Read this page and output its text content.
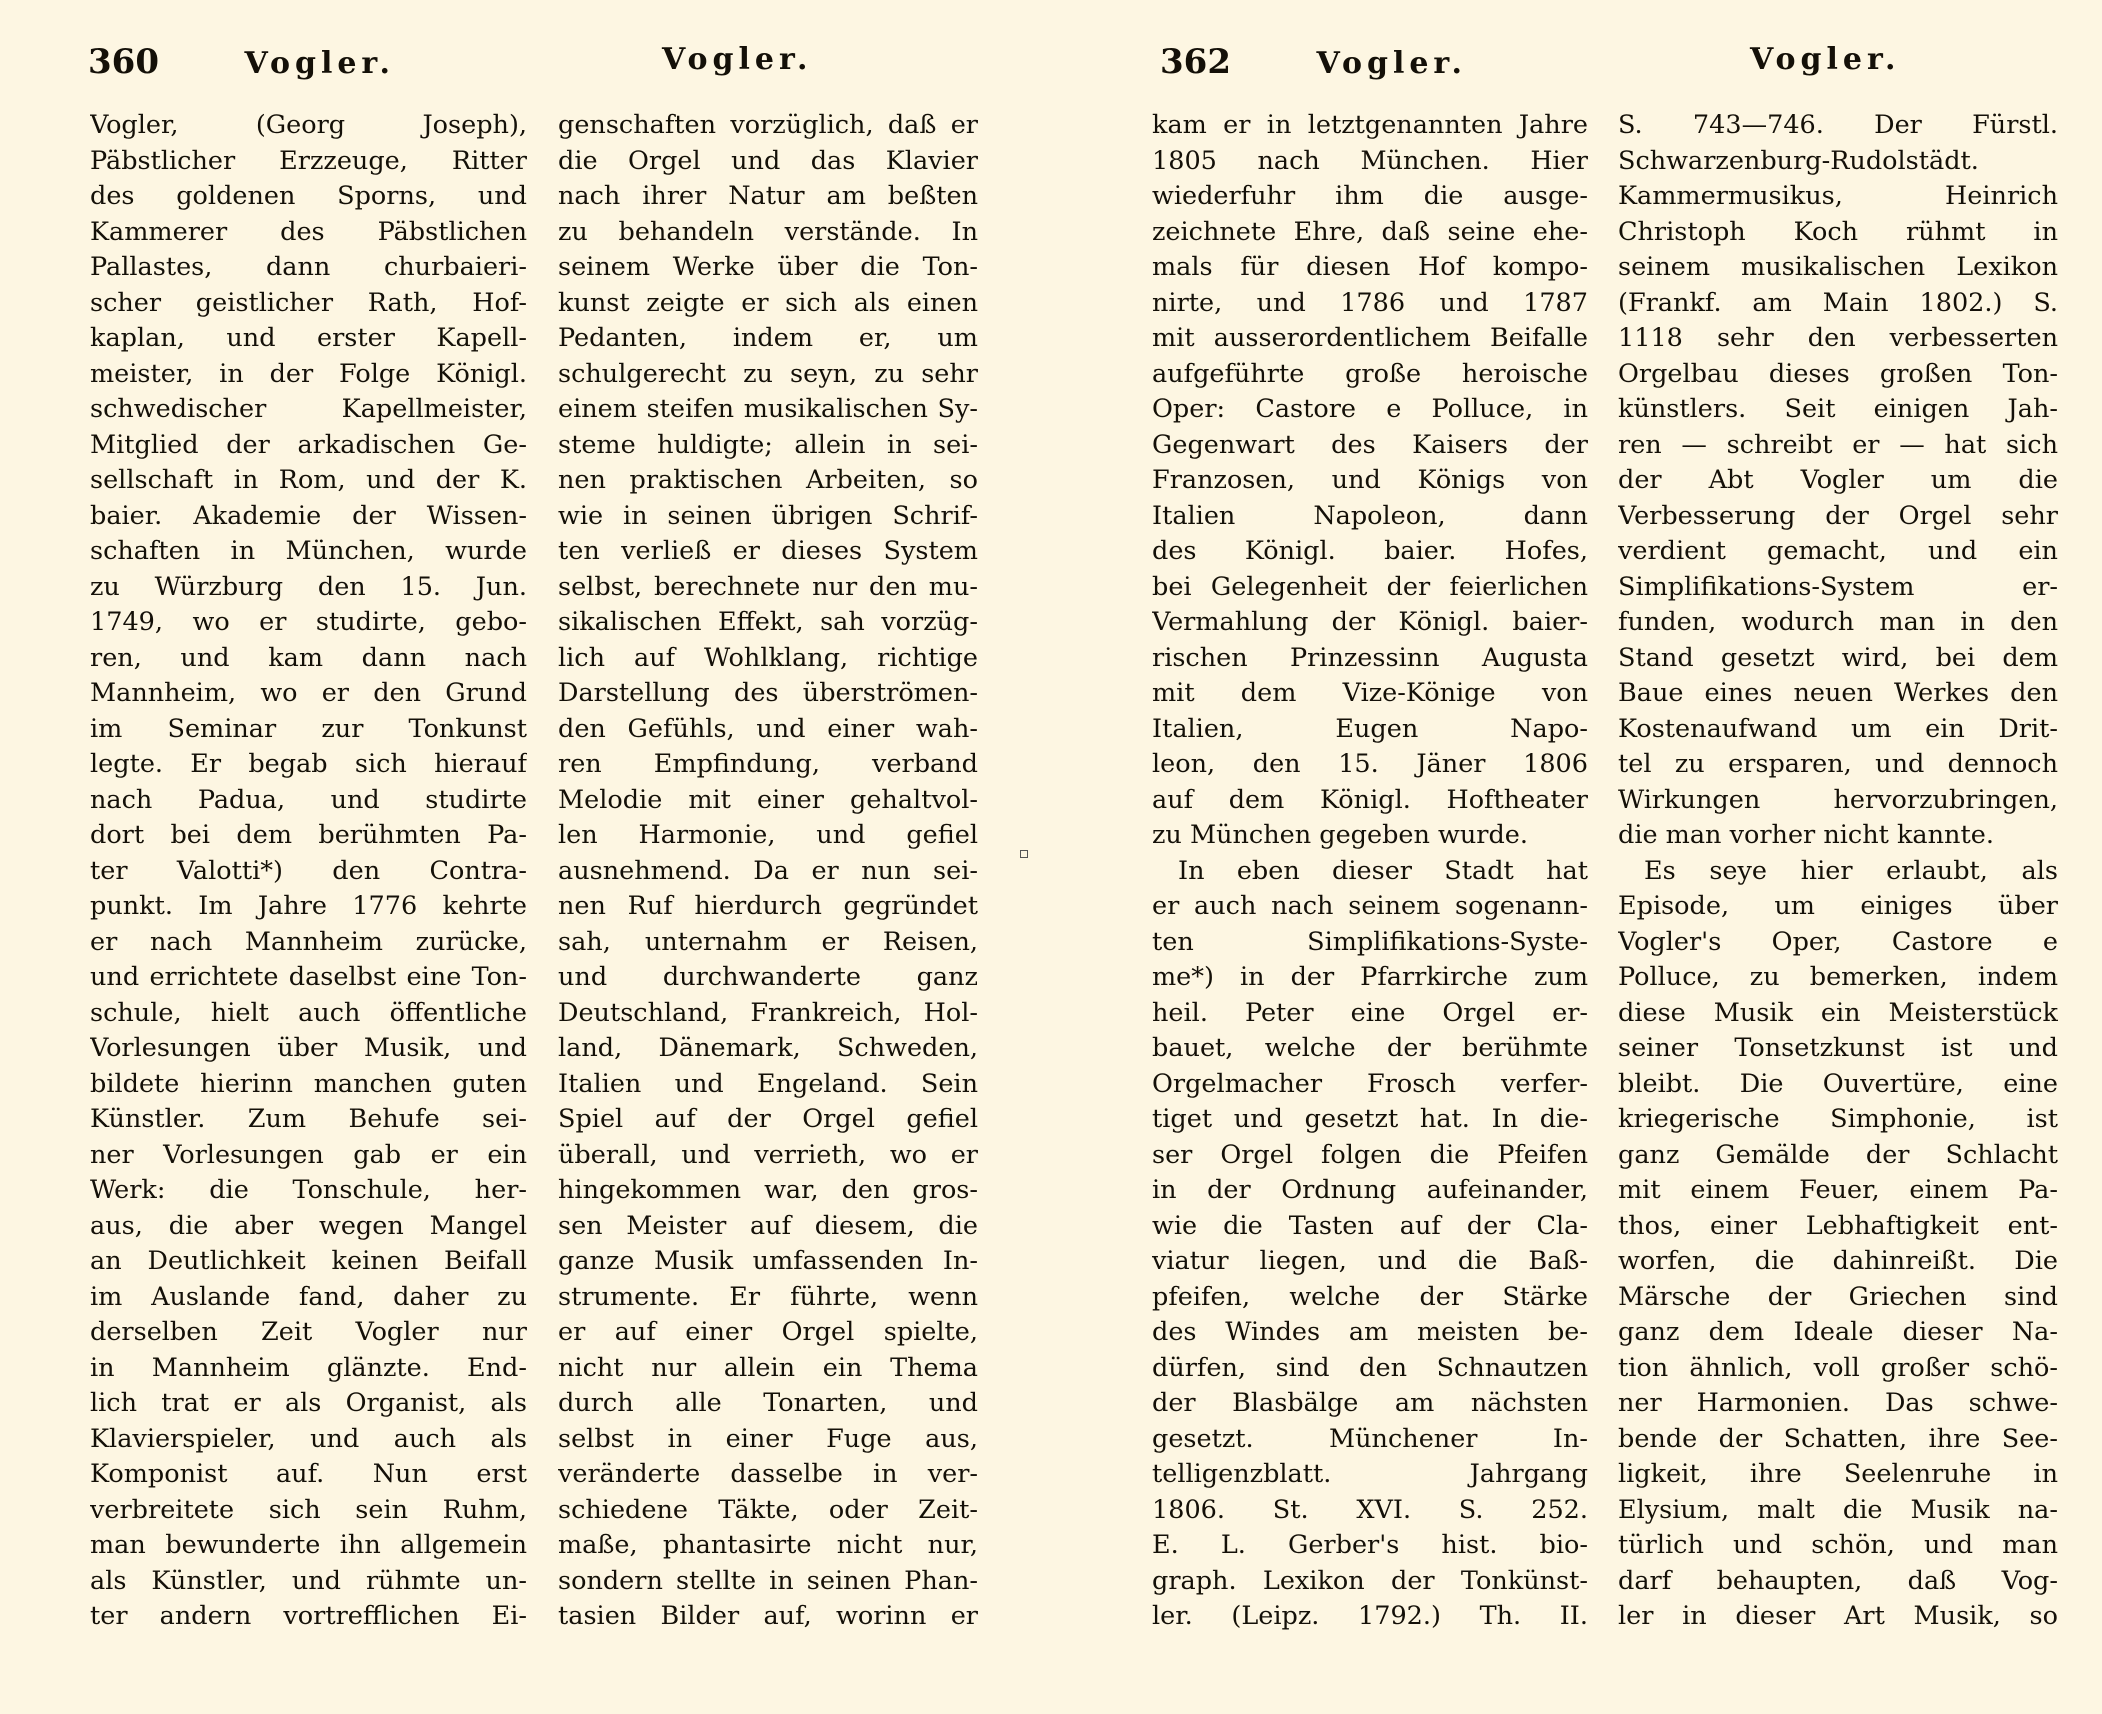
360	Vogler.	Vogler.

Vogler, (Georg Joseph),

Päbstlicher Erzzeuge, Ritter

des goldenen Sporns, und

Kammerer des Päbstlichen

Pallastes, dann churbaieri-

scher geistlicher Rath, Hof-

kaplan, und erster Kapell-

meister, in der Folge Königl.

schwedischer Kapellmeister,

Mitglied der arkadischen Ge-

sellschaft in Rom, und der K.

baier. Akademie der Wissen-

schaften in München, wurde

zu Würzburg den 15. Jun.

1749, wo er studirte, gebo-

ren, und kam dann nach

Mannheim, wo er den Grund

im Seminar zur Tonkunst

legte. Er begab sich hierauf

nach Padua, und studirte

dort bei dem berühmten Pa-

ter Valotti*) den Contra-

punkt. Im Jahre 1776 kehrte

er nach Mannheim zurücke,

und errichtete daselbst eine Ton-

schule, hielt auch öffentliche

Vorlesungen über Musik, und

bildete hierinn manchen guten

Künstler. Zum Behufe sei-

ner Vorlesungen gab er ein

Werk: die Tonschule, her-

aus, die aber wegen Mangel

an Deutlichkeit keinen Beifall

im Auslande fand, daher zu

derselben Zeit Vogler nur

in Mannheim glänzte. End-

lich trat er als Organist, als

Klavierspieler, und auch als

Komponist auf. Nun erst

verbreitete sich sein Ruhm,

man bewunderte ihn allgemein

als Künstler, und rühmte un-

ter andern vortrefflichen Ei-

genschaften vorzüglich, daß er

die Orgel und das Klavier

nach ihrer Natur am beßten

zu behandeln verstände. In

seinem Werke über die Ton-

kunst zeigte er sich als einen

Pedanten, indem er, um

schulgerecht zu seyn, zu sehr

einem steifen musikalischen Sy-

steme huldigte; allein in sei-

nen praktischen Arbeiten, so

wie in seinen übrigen Schrif-

ten verließ er dieses System

selbst, berechnete nur den mu-

sikalischen Effekt, sah vorzüg-

lich auf Wohlklang, richtige

Darstellung des überströmen-

den Gefühls, und einer wah-

ren Empfindung, verband

Melodie mit einer gehaltvol-

len Harmonie, und gefiel

ausnehmend. Da er nun sei-

nen Ruf hierdurch gegründet

sah, unternahm er Reisen,

und durchwanderte ganz

Deutschland, Frankreich, Hol-

land, Dänemark, Schweden,

Italien und Engeland. Sein

Spiel auf der Orgel gefiel

überall, und verrieth, wo er

hingekommen war, den gros-

sen Meister auf diesem, die

ganze Musik umfassenden In-

strumente. Er führte, wenn

er auf einer Orgel spielte,

nicht nur allein ein Thema

durch alle Tonarten, und

selbst in einer Fuge aus,

veränderte dasselbe in ver-

schiedene Täkte, oder Zeit-

maße, phantasirte nicht nur,

sondern stellte in seinen Phan-

tasien Bilder auf, worinn er

362	Vogler.	Vogler.

kam er in letztgenannten Jahre

1805 nach München. Hier

wiederfuhr ihm die ausge-

zeichnete Ehre, daß seine ehe-

mals für diesen Hof kompo-

nirte, und 1786 und 1787

mit ausserordentlichem Beifalle

aufgeführte große heroische

Oper: Castore e Polluce, in

Gegenwart des Kaisers der

Franzosen, und Königs von

Italien Napoleon, dann

des Königl. baier. Hofes,

bei Gelegenheit der feierlichen

Vermahlung der Königl. baier-

rischen Prinzessinn Augusta

mit dem Vize-Könige von

Italien, Eugen Napo-

leon, den 15. Jäner 1806

auf dem Königl. Hoftheater

zu München gegeben wurde.

In eben dieser Stadt hat

er auch nach seinem sogenann-

ten Simplifikations-Syste-

me*) in der Pfarrkirche zum

heil. Peter eine Orgel er-

bauet, welche der berühmte

Orgelmacher Frosch verfer-

tiget und gesetzt hat. In die-

ser Orgel folgen die Pfeifen

in der Ordnung aufeinander,

wie die Tasten auf der Cla-

viatur liegen, und die Baß-

pfeifen, welche der Stärke

des Windes am meisten be-

dürfen, sind den Schnautzen

der Blasbälge am nächsten

gesetzt. Münchener In-

telligenzblatt. Jahrgang

1806. St. XVI. S. 252.

E. L. Gerber's hist. bio-

graph. Lexikon der Tonkünst-

ler. (Leipz. 1792.) Th. II.

S. 743—746. Der Fürstl.

Schwarzenburg-Rudolstädt.

Kammermusikus, Heinrich

Christoph Koch rühmt in

seinem musikalischen Lexikon

(Frankf. am Main 1802.) S.

1118 sehr den verbesserten

Orgelbau dieses großen Ton-

künstlers. Seit einigen Jah-

ren — schreibt er — hat sich

der Abt Vogler um die

Verbesserung der Orgel sehr

verdient gemacht, und ein

Simplifikations-System er-

funden, wodurch man in den

Stand gesetzt wird, bei dem

Baue eines neuen Werkes den

Kostenaufwand um ein Drit-

tel zu ersparen, und dennoch

Wirkungen hervorzubringen,

die man vorher nicht kannte.

Es seye hier erlaubt, als

Episode, um einiges über

Vogler's Oper, Castore e

Polluce, zu bemerken, indem

diese Musik ein Meisterstück

seiner Tonsetzkunst ist und

bleibt. Die Ouvertüre, eine

kriegerische Simphonie, ist

ganz Gemälde der Schlacht

mit einem Feuer, einem Pa-

thos, einer Lebhaftigkeit ent-

worfen, die dahinreißt. Die

Märsche der Griechen sind

ganz dem Ideale dieser Na-

tion ähnlich, voll großer schö-

ner Harmonien. Das schwe-

bende der Schatten, ihre See-

ligkeit, ihre Seelenruhe in

Elysium, malt die Musik na-

türlich und schön, und man

darf behaupten, daß Vog-

ler in dieser Art Musik, so
